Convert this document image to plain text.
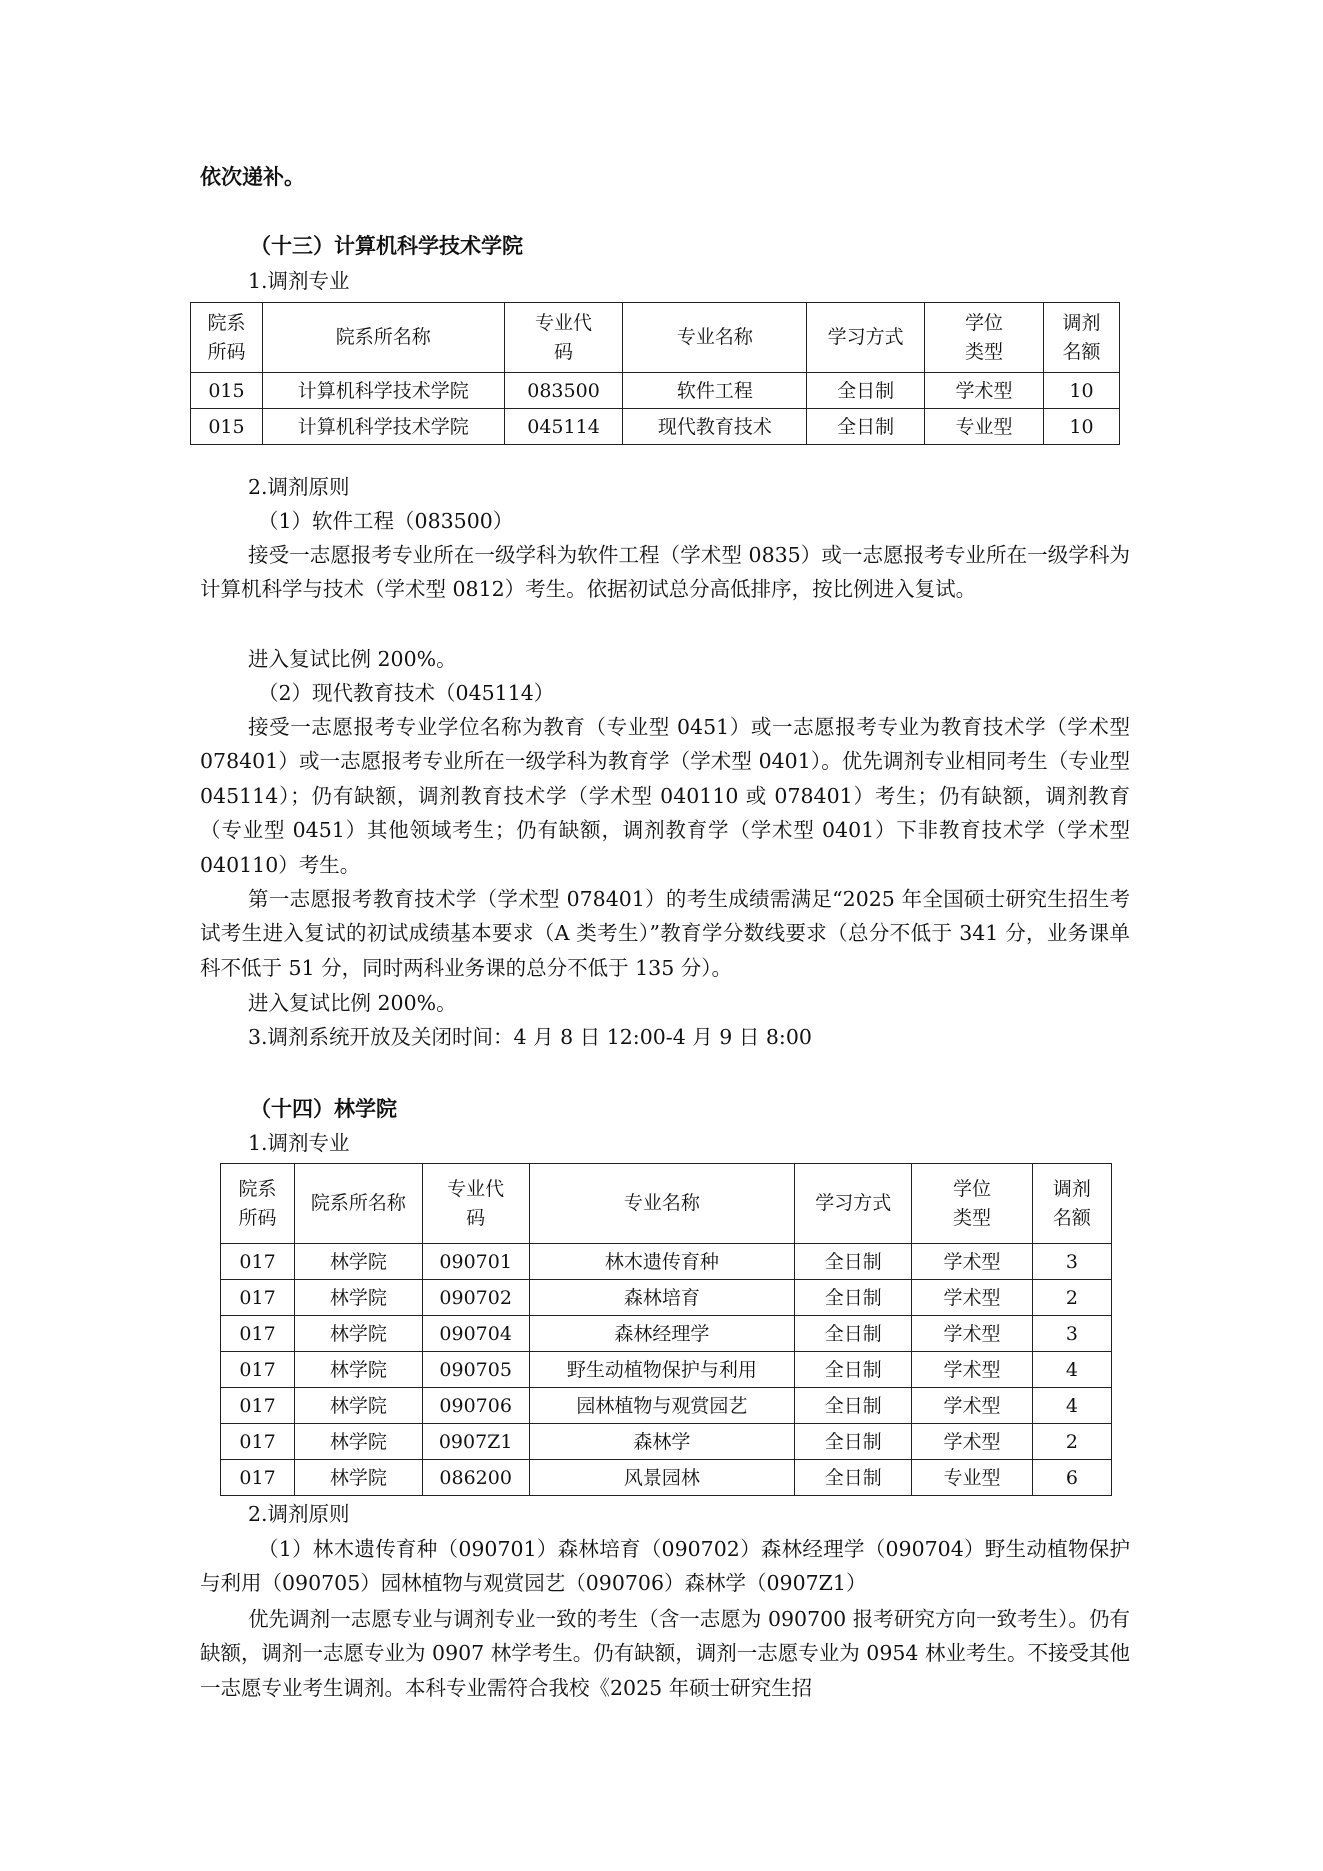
依次递补。
（十三）计算机科学技术学院
1.调剂专业
院系所码	院系所名称	专业代码	专业名称	学习方式	学位类型	调剂名额
015	计算机科学技术学院	083500	软件工程	全日制	学术型	10
015	计算机科学技术学院	045114	现代教育技术	全日制	专业型	10
2.调剂原则
（1）软件工程（083500）
接受一志愿报考专业所在一级学科为软件工程（学术型 0835）或一志愿报考专业所在一级学科为计算机科学与技术（学术型 0812）考生。依据初试总分高低排序，按比例进入复试。
进入复试比例 200%。
（2）现代教育技术（045114）
接受一志愿报考专业学位名称为教育（专业型 0451）或一志愿报考专业为教育技术学（学术型 078401）或一志愿报考专业所在一级学科为教育学（学术型 0401）。优先调剂专业相同考生（专业型 045114）；仍有缺额，调剂教育技术学（学术型 040110 或 078401）考生；仍有缺额，调剂教育（专业型 0451）其他领域考生；仍有缺额，调剂教育学（学术型 0401）下非教育技术学（学术型 040110）考生。
第一志愿报考教育技术学（学术型 078401）的考生成绩需满足“2025 年全国硕士研究生招生考试考生进入复试的初试成绩基本要求（A 类考生）”教育学分数线要求（总分不低于 341 分，业务课单科不低于 51 分，同时两科业务课的总分不低于 135 分）。
进入复试比例 200%。
3.调剂系统开放及关闭时间：4 月 8 日 12:00-4 月 9 日 8:00
（十四）林学院
1.调剂专业
院系所码	院系所名称	专业代码	专业名称	学习方式	学位类型	调剂名额
017	林学院	090701	林木遗传育种	全日制	学术型	3
017	林学院	090702	森林培育	全日制	学术型	2
017	林学院	090704	森林经理学	全日制	学术型	3
017	林学院	090705	野生动植物保护与利用	全日制	学术型	4
017	林学院	090706	园林植物与观赏园艺	全日制	学术型	4
017	林学院	0907Z1	森林学	全日制	学术型	2
017	林学院	086200	风景园林	全日制	专业型	6
2.调剂原则
（1）林木遗传育种（090701）森林培育（090702）森林经理学（090704）野生动植物保护与利用（090705）园林植物与观赏园艺（090706）森林学（0907Z1）
优先调剂一志愿专业与调剂专业一致的考生（含一志愿为 090700 报考研究方向一致考生）。仍有缺额，调剂一志愿专业为 0907 林学考生。仍有缺额，调剂一志愿专业为 0954 林业考生。不接受其他一志愿专业考生调剂。本科专业需符合我校《2025 年硕士研究生招
